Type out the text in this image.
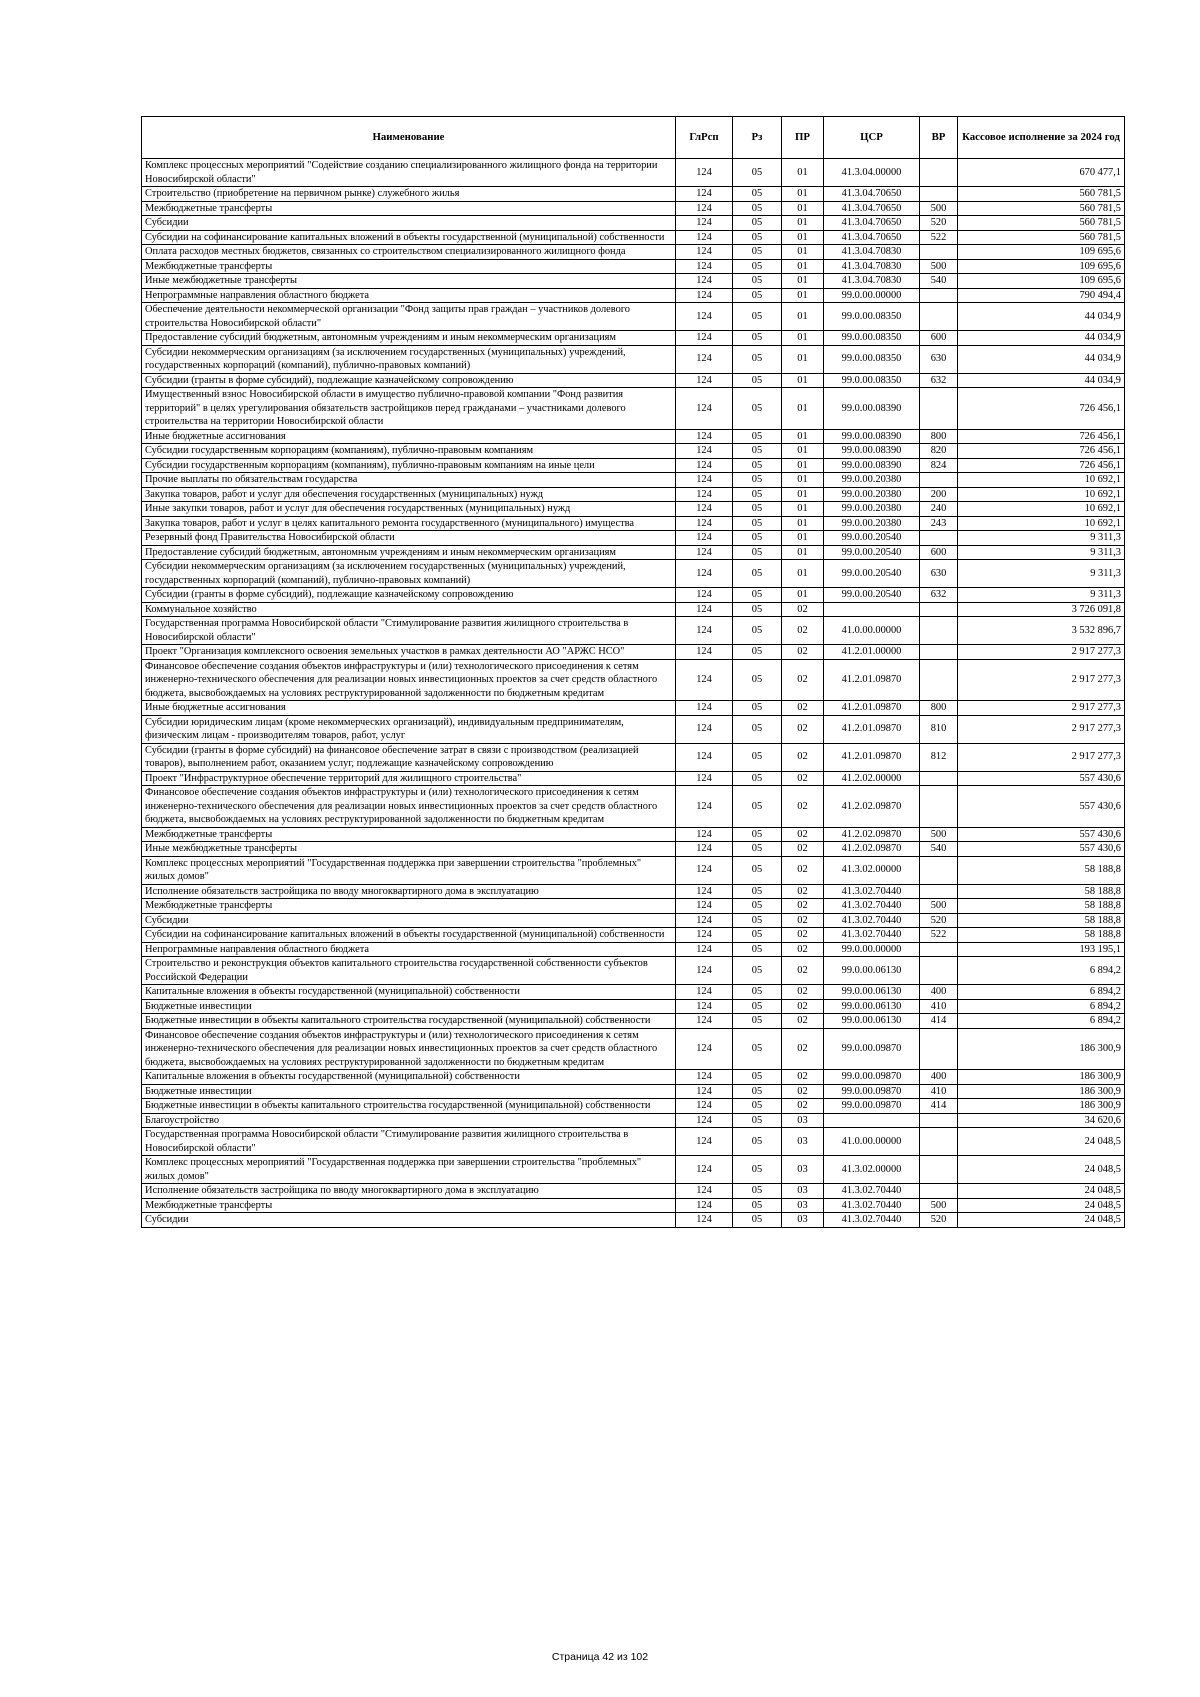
Наименование	ГлРсп	Рз	ПР	ЦСР	ВР	Кассовое исполнение за 2024 год
Комплекс процессных мероприятий "Содействие созданию специализированного жилищного фонда на территории Новосибирской области"	124	05	01	41.3.04.00000		670 477,1
Строительство (приобретение на первичном рынке) служебного жилья	124	05	01	41.3.04.70650		560 781,5
Межбюджетные трансферты	124	05	01	41.3.04.70650	500	560 781,5
Субсидии	124	05	01	41.3.04.70650	520	560 781,5
Субсидии на софинансирование капитальных вложений в объекты государственной (муниципальной) собственности	124	05	01	41.3.04.70650	522	560 781,5
Оплата расходов местных бюджетов, связанных со строительством специализированного жилищного фонда	124	05	01	41.3.04.70830		109 695,6
Межбюджетные трансферты	124	05	01	41.3.04.70830	500	109 695,6
Иные межбюджетные трансферты	124	05	01	41.3.04.70830	540	109 695,6
Непрограммные направления областного бюджета	124	05	01	99.0.00.00000		790 494,4
Обеспечение деятельности некоммерческой организации "Фонд защиты прав граждан – участников долевого строительства Новосибирской области"	124	05	01	99.0.00.08350		44 034,9
Предоставление субсидий бюджетным, автономным учреждениям и иным некоммерческим организациям	124	05	01	99.0.00.08350	600	44 034,9
Субсидии некоммерческим организациям (за исключением государственных (муниципальных) учреждений, государственных корпораций (компаний), публично-правовых компаний)	124	05	01	99.0.00.08350	630	44 034,9
Субсидии (гранты в форме субсидий), подлежащие казначейскому сопровождению	124	05	01	99.0.00.08350	632	44 034,9
Имущественный взнос Новосибирской области в имущество публично-правовой компании "Фонд развития территорий" в целях урегулирования обязательств застройщиков перед гражданами – участниками долевого строительства на территории Новосибирской области	124	05	01	99.0.00.08390		726 456,1
Иные бюджетные ассигнования	124	05	01	99.0.00.08390	800	726 456,1
Субсидии государственным корпорациям (компаниям), публично-правовым компаниям	124	05	01	99.0.00.08390	820	726 456,1
Субсидии государственным корпорациям (компаниям), публично-правовым компаниям на иные цели	124	05	01	99.0.00.08390	824	726 456,1
Прочие выплаты по обязательствам государства	124	05	01	99.0.00.20380		10 692,1
Закупка товаров, работ и услуг для обеспечения государственных (муниципальных) нужд	124	05	01	99.0.00.20380	200	10 692,1
Иные закупки товаров, работ и услуг для обеспечения государственных (муниципальных) нужд	124	05	01	99.0.00.20380	240	10 692,1
Закупка товаров, работ и услуг в целях капитального ремонта государственного (муниципального) имущества	124	05	01	99.0.00.20380	243	10 692,1
Резервный фонд Правительства Новосибирской области	124	05	01	99.0.00.20540		9 311,3
Предоставление субсидий бюджетным, автономным учреждениям и иным некоммерческим организациям	124	05	01	99.0.00.20540	600	9 311,3
Субсидии некоммерческим организациям (за исключением государственных (муниципальных) учреждений, государственных корпораций (компаний), публично-правовых компаний)	124	05	01	99.0.00.20540	630	9 311,3
Субсидии (гранты в форме субсидий), подлежащие казначейскому сопровождению	124	05	01	99.0.00.20540	632	9 311,3
Коммунальное хозяйство	124	05	02			3 726 091,8
Государственная программа Новосибирской области "Стимулирование развития жилищного строительства в Новосибирской области"	124	05	02	41.0.00.00000		3 532 896,7
Проект "Организация комплексного освоения земельных участков в рамках деятельности АО "АРЖС НСО"	124	05	02	41.2.01.00000		2 917 277,3
Финансовое обеспечение создания объектов инфраструктуры и (или) технологического присоединения к сетям инженерно-технического обеспечения для реализации новых инвестиционных проектов за счет средств областного бюджета, высвобождаемых на условиях реструктурированной задолженности по бюджетным кредитам	124	05	02	41.2.01.09870		2 917 277,3
Иные бюджетные ассигнования	124	05	02	41.2.01.09870	800	2 917 277,3
Субсидии юридическим лицам (кроме некоммерческих организаций), индивидуальным предпринимателям, физическим лицам - производителям товаров, работ, услуг	124	05	02	41.2.01.09870	810	2 917 277,3
Субсидии (гранты в форме субсидий) на финансовое обеспечение затрат в связи с производством (реализацией товаров), выполнением работ, оказанием услуг, подлежащие казначейскому сопровождению	124	05	02	41.2.01.09870	812	2 917 277,3
Проект "Инфраструктурное обеспечение территорий для жилищного строительства"	124	05	02	41.2.02.00000		557 430,6
Финансовое обеспечение создания объектов инфраструктуры и (или) технологического присоединения к сетям инженерно-технического обеспечения для реализации новых инвестиционных проектов за счет средств областного бюджета, высвобождаемых на условиях реструктурированной задолженности по бюджетным кредитам	124	05	02	41.2.02.09870		557 430,6
Межбюджетные трансферты	124	05	02	41.2.02.09870	500	557 430,6
Иные межбюджетные трансферты	124	05	02	41.2.02.09870	540	557 430,6
Комплекс процессных мероприятий "Государственная поддержка при завершении строительства "проблемных" жилых домов"	124	05	02	41.3.02.00000		58 188,8
Исполнение обязательств застройщика по вводу многоквартирного дома в эксплуатацию	124	05	02	41.3.02.70440		58 188,8
Межбюджетные трансферты	124	05	02	41.3.02.70440	500	58 188,8
Субсидии	124	05	02	41.3.02.70440	520	58 188,8
Субсидии на софинансирование капитальных вложений в объекты государственной (муниципальной) собственности	124	05	02	41.3.02.70440	522	58 188,8
Непрограммные направления областного бюджета	124	05	02	99.0.00.00000		193 195,1
Строительство и реконструкция объектов капитального строительства государственной собственности субъектов Российской Федерации	124	05	02	99.0.00.06130		6 894,2
Капитальные вложения в объекты государственной (муниципальной) собственности	124	05	02	99.0.00.06130	400	6 894,2
Бюджетные инвестиции	124	05	02	99.0.00.06130	410	6 894,2
Бюджетные инвестиции в объекты капитального строительства государственной (муниципальной) собственности	124	05	02	99.0.00.06130	414	6 894,2
Финансовое обеспечение создания объектов инфраструктуры и (или) технологического присоединения к сетям инженерно-технического обеспечения для реализации новых инвестиционных проектов за счет средств областного бюджета, высвобождаемых на условиях реструктурированной задолженности по бюджетным кредитам	124	05	02	99.0.00.09870		186 300,9
Капитальные вложения в объекты государственной (муниципальной) собственности	124	05	02	99.0.00.09870	400	186 300,9
Бюджетные инвестиции	124	05	02	99.0.00.09870	410	186 300,9
Бюджетные инвестиции в объекты капитального строительства государственной (муниципальной) собственности	124	05	02	99.0.00.09870	414	186 300,9
Благоустройство	124	05	03			34 620,6
Государственная программа Новосибирской области "Стимулирование развития жилищного строительства в Новосибирской области"	124	05	03	41.0.00.00000		24 048,5
Комплекс процессных мероприятий "Государственная поддержка при завершении строительства "проблемных" жилых домов"	124	05	03	41.3.02.00000		24 048,5
Исполнение обязательств застройщика по вводу многоквартирного дома в эксплуатацию	124	05	03	41.3.02.70440		24 048,5
Межбюджетные трансферты	124	05	03	41.3.02.70440	500	24 048,5
Субсидии	124	05	03	41.3.02.70440	520	24 048,5
Страница 42 из 102
